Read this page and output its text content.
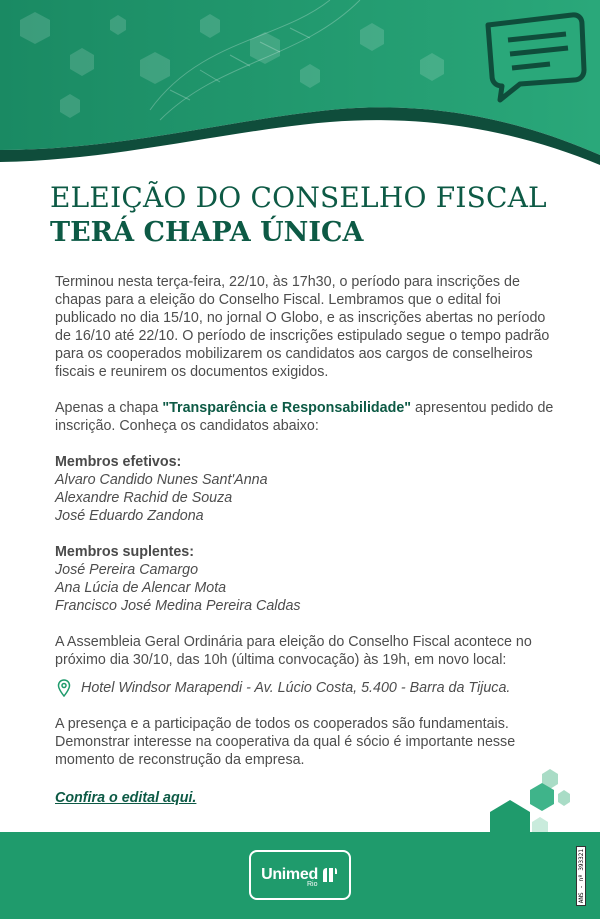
ELEIÇÃO DO CONSELHO FISCAL
TERÁ CHAPA ÚNICA

Terminou nesta terça-feira, 22/10, às 17h30, o período para inscrições de chapas para a eleição do Conselho Fiscal. Lembramos que o edital foi publicado no dia 15/10, no jornal O Globo, e as inscrições abertas no período de 16/10 até 22/10. O período de inscrições estipulado segue o tempo padrão para os cooperados mobilizarem os candidatos aos cargos de conselheiros fiscais e reunirem os documentos exigidos.

Apenas a chapa "Transparência e Responsabilidade" apresentou pedido de inscrição. Conheça os candidatos abaixo:

Membros efetivos:

Alvaro Candido Nunes Sant'Anna

Alexandre Rachid de Souza

José Eduardo Zandona

Membros suplentes:

José Pereira Camargo

Ana Lúcia de Alencar Mota

Francisco José Medina Pereira Caldas

A Assembleia Geral Ordinária para eleição do Conselho Fiscal acontece no próximo dia 30/10, das 10h (última convocação) às 19h, em novo local:

Hotel Windsor Marapendi - Av. Lúcio Costa, 5.400 - Barra da Tijuca.

A presença e a participação de todos os cooperados são fundamentais. Demonstrar interesse na cooperativa da qual é sócio é importante nesse momento de reconstrução da empresa.

Confira o edital aqui.
Unimed
Rio	ANS - nº 393321
